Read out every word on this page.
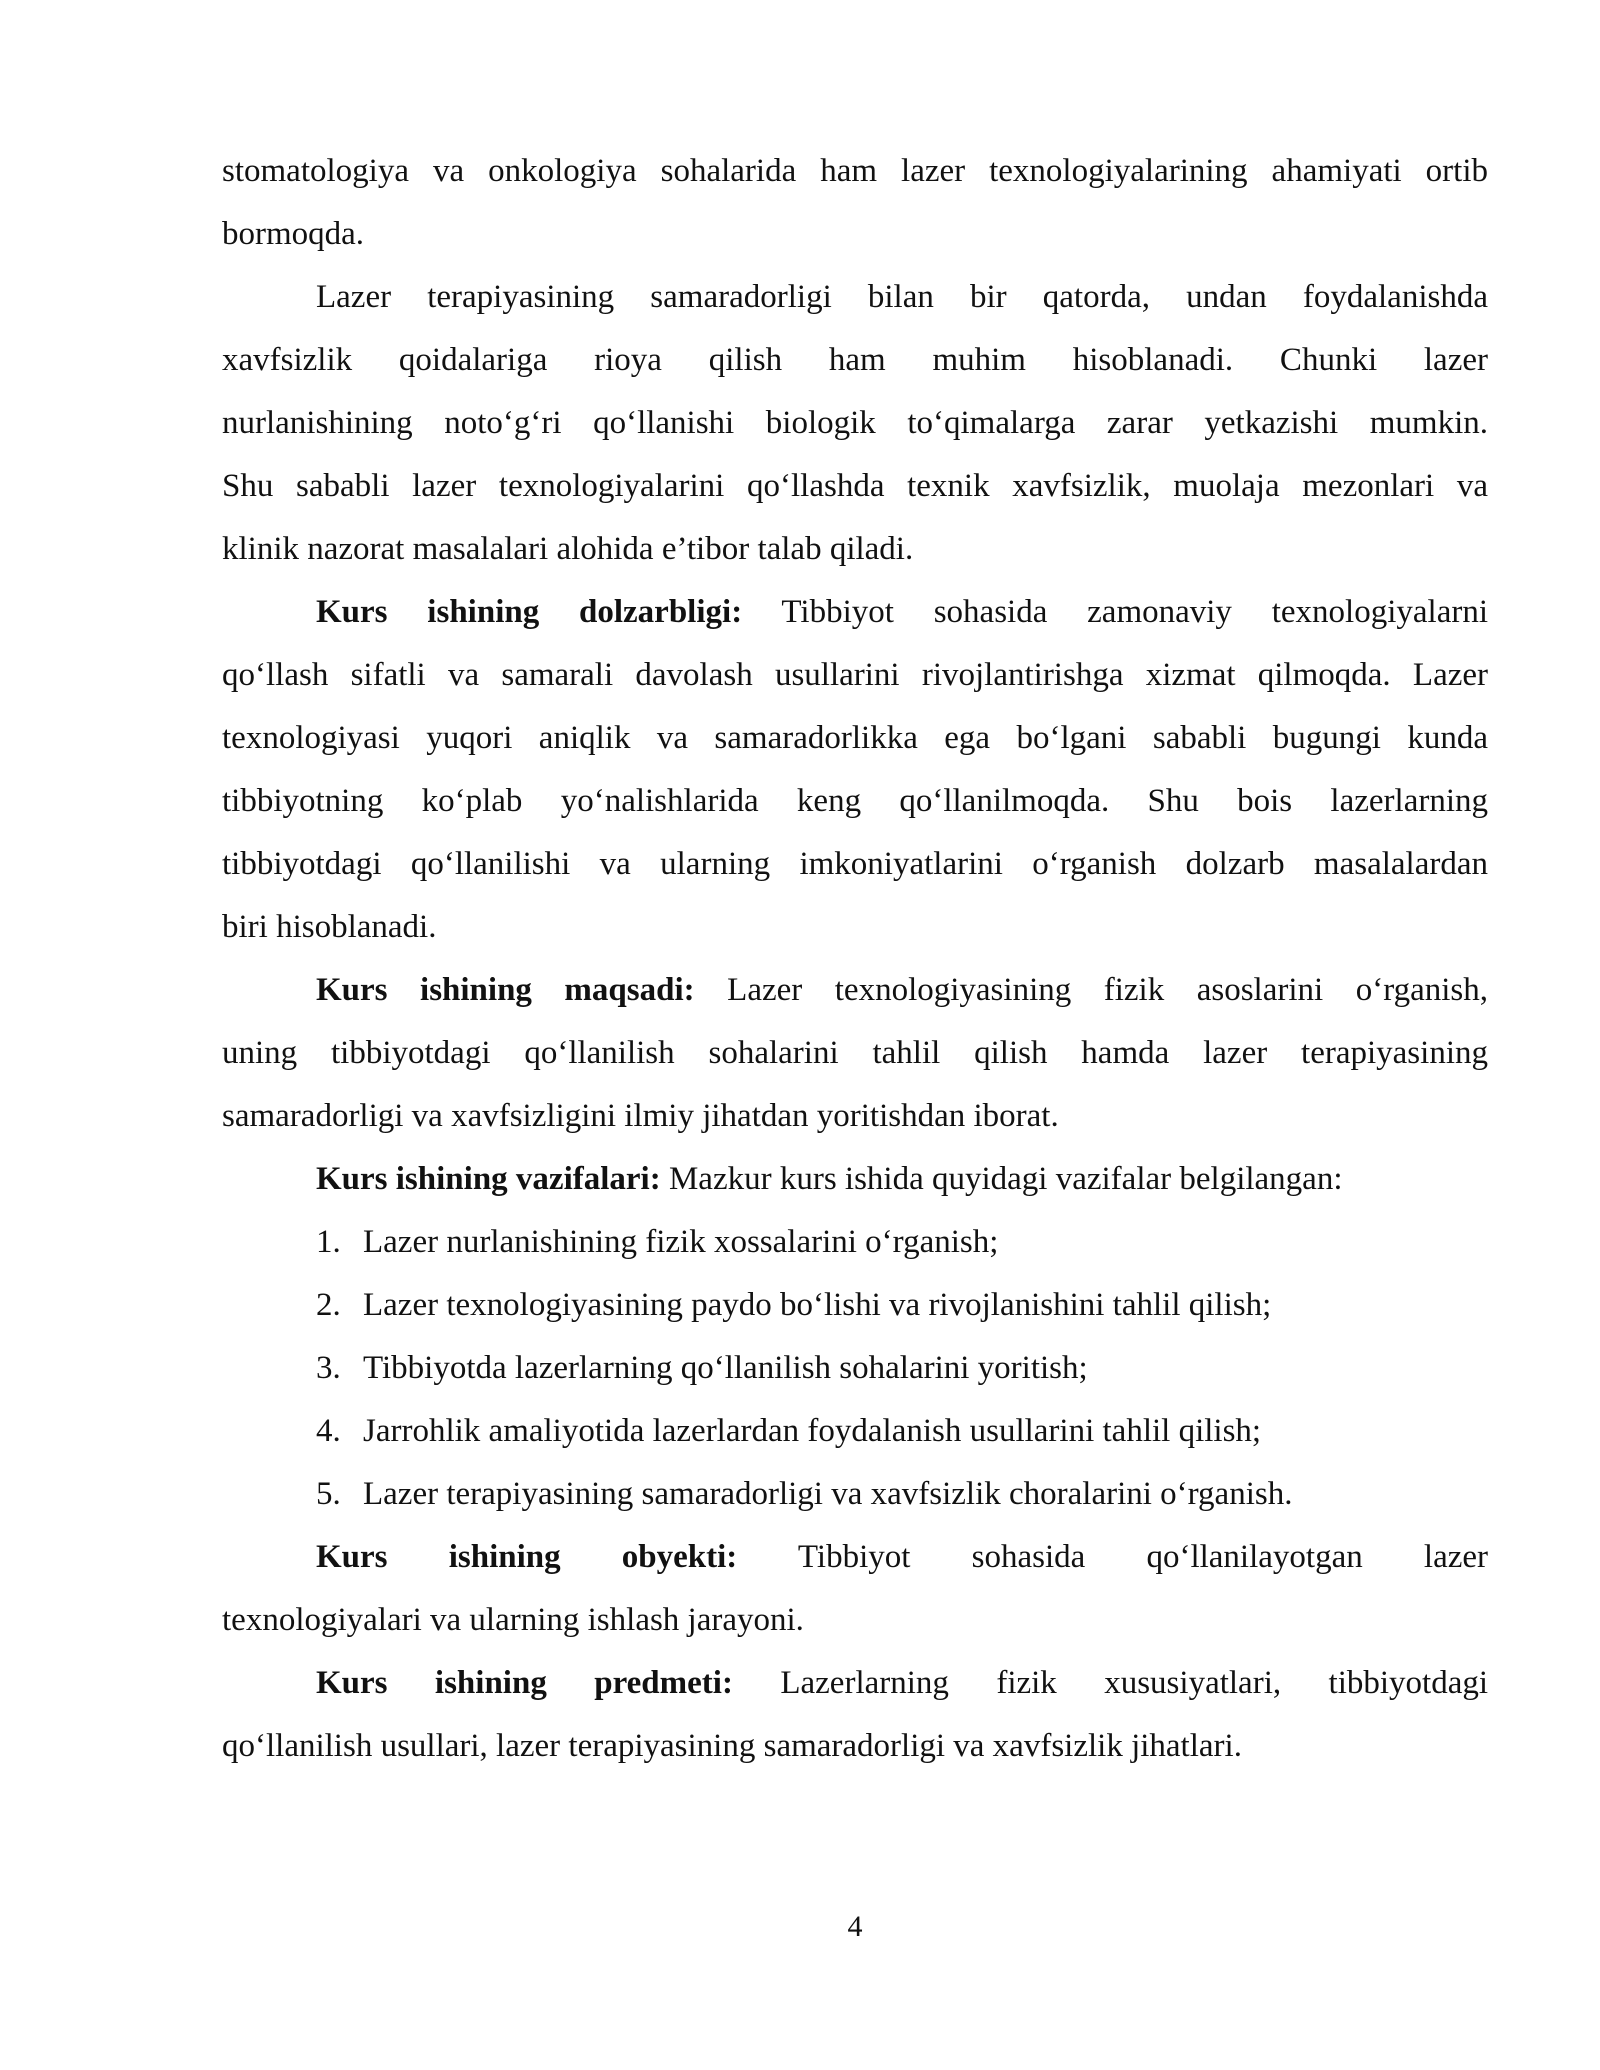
stomatologiya va onkologiya sohalarida ham lazer texnologiyalarining ahamiyati ortib
bormoqda.
Lazer terapiyasining samaradorligi bilan bir qatorda, undan foydalanishda
xavfsizlik qoidalariga rioya qilish ham muhim hisoblanadi. Chunki lazer
nurlanishining noto‘g‘ri qo‘llanishi biologik to‘qimalarga zarar yetkazishi mumkin.
Shu sababli lazer texnologiyalarini qo‘llashda texnik xavfsizlik, muolaja mezonlari va
klinik nazorat masalalari alohida e’tibor talab qiladi.
Kurs ishining dolzarbligi: Tibbiyot sohasida zamonaviy texnologiyalarni
qo‘llash sifatli va samarali davolash usullarini rivojlantirishga xizmat qilmoqda. Lazer
texnologiyasi yuqori aniqlik va samaradorlikka ega bo‘lgani sababli bugungi kunda
tibbiyotning ko‘plab yo‘nalishlarida keng qo‘llanilmoqda. Shu bois lazerlarning
tibbiyotdagi qo‘llanilishi va ularning imkoniyatlarini o‘rganish dolzarb masalalardan
biri hisoblanadi.
Kurs ishining maqsadi: Lazer texnologiyasining fizik asoslarini o‘rganish,
uning tibbiyotdagi qo‘llanilish sohalarini tahlil qilish hamda lazer terapiyasining
samaradorligi va xavfsizligini ilmiy jihatdan yoritishdan iborat.
Kurs ishining vazifalari: Mazkur kurs ishida quyidagi vazifalar belgilangan:
1. Lazer nurlanishining fizik xossalarini o‘rganish;
2. Lazer texnologiyasining paydo bo‘lishi va rivojlanishini tahlil qilish;
3. Tibbiyotda lazerlarning qo‘llanilish sohalarini yoritish;
4. Jarrohlik amaliyotida lazerlardan foydalanish usullarini tahlil qilish;
5. Lazer terapiyasining samaradorligi va xavfsizlik choralarini o‘rganish.
Kurs ishining obyekti: Tibbiyot sohasida qo‘llanilayotgan lazer
texnologiyalari va ularning ishlash jarayoni.
Kurs ishining predmeti: Lazerlarning fizik xususiyatlari, tibbiyotdagi
qo‘llanilish usullari, lazer terapiyasining samaradorligi va xavfsizlik jihatlari.
4
